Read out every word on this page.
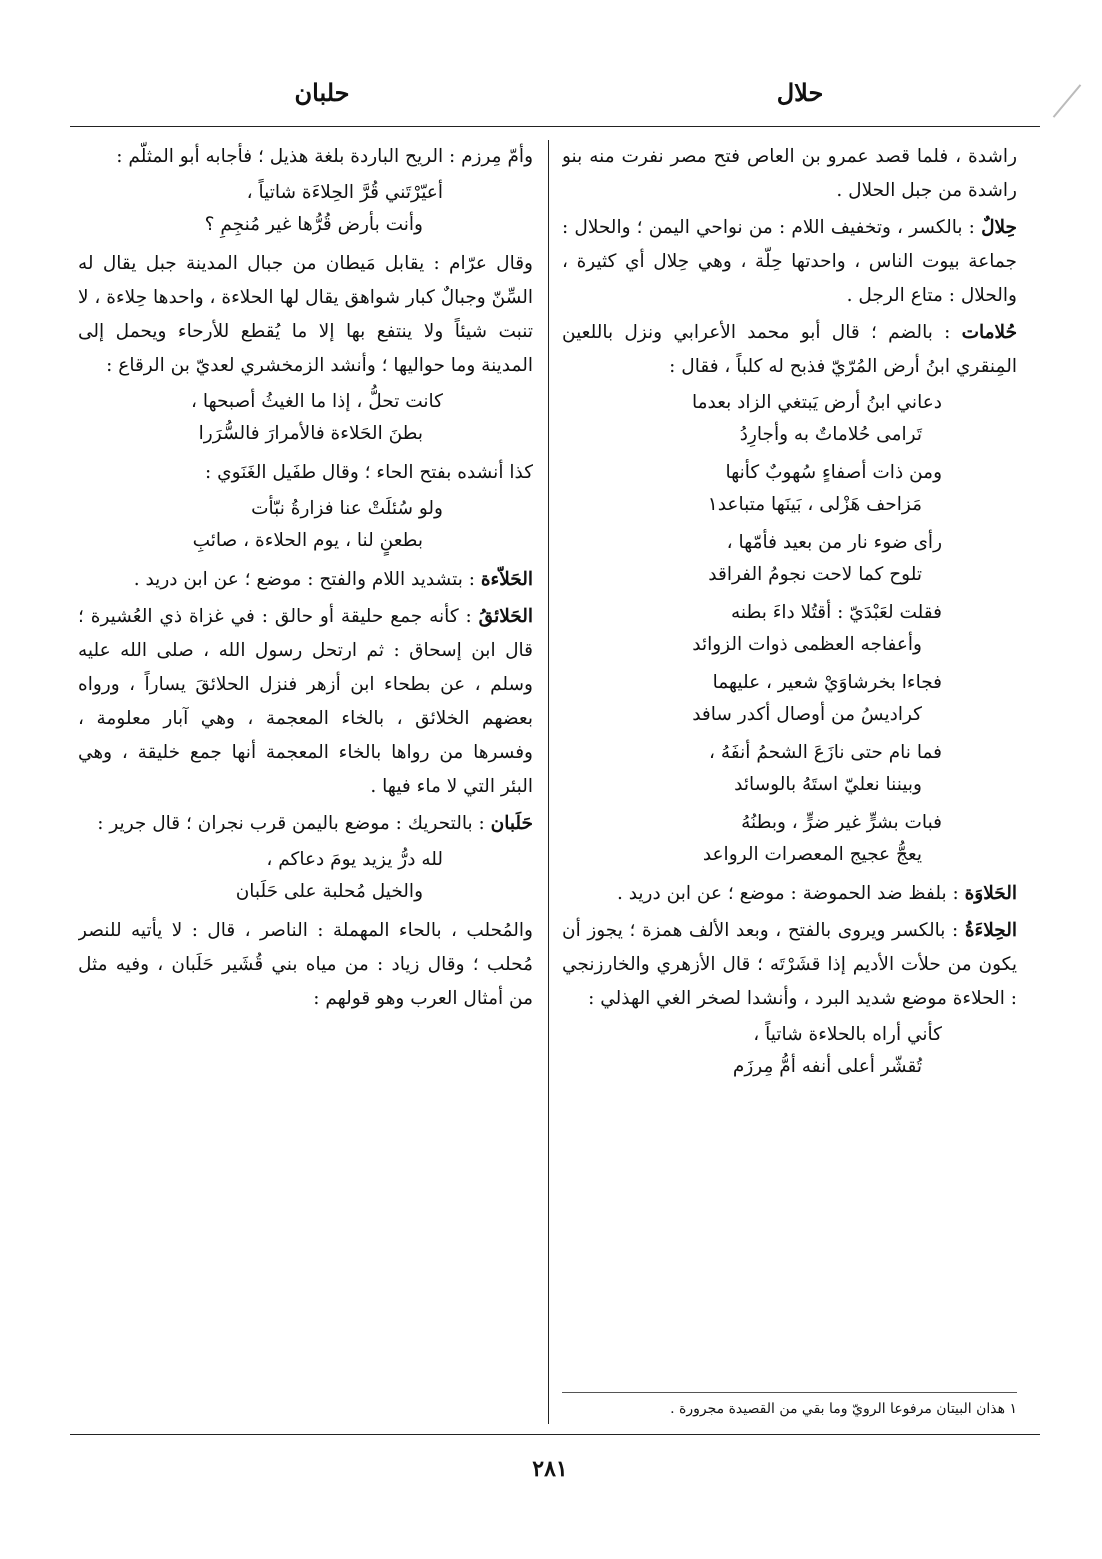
حلال
حلبان

راشدة ، فلما قصد عمرو بن العاص فتح مصر نفرت منه بنو راشدة من جبل الحلال .

حِلالٌ : بالكسر ، وتخفيف اللام : من نواحي اليمن ؛ والحلال : جماعة بيوت الناس ، واحدتها حِلّة ، وهي حِلال أي كثيرة ، والحلال : متاع الرجل .

حُلامات : بالضم ؛ قال أبو محمد الأعرابي ونزل باللعين المِنقري ابنُ أرض المُرّيّ فذبح له كلباً ، فقال :

دعاني ابنُ أرض يَبتغي الزاد بعدما
تَرامى حُلاماتٌ به وأجارِدُ
ومن ذات أصفاءٍ سُهوبٌ كأنها
مَزاحف هَزْلى ، بَينَها متباعد١
رأى ضوء نار من بعيد فأمّها ،
تلوح كما لاحت نجومُ الفراقد
فقلت لعَبْدَيّ : أقتُلا داءَ بطنه
وأعفاجه العظمى ذوات الزوائد
فجاءا بخرشاوَيْ شعير ، عليهما
كراديسُ من أوصال أكدر سافد
فما نام حتى نازَعَ الشحمُ أنفَهُ ،
وبيننا نعليّ استَهُ بالوسائد
فبات بشرٍّ غير ضرٍّ ، وبطنُهُ
يعجُّ عجيج المعصرات الرواعد

الحَلاوَة : بلفظ ضد الحموضة : موضع ؛ عن ابن دريد .

الحِلاءَةُ : بالكسر ويروى بالفتح ، وبعد الألف همزة ؛ يجوز أن يكون من حلأت الأديم إذا قشَرْتَه ؛ قال الأزهري والخارزنجي : الحلاءة موضع شديد البرد ، وأنشدا لصخر الغي الهذلي :

كأني أراه بالحلاءة شاتياً ،
تُقشّر أعلى أنفه أمُّ مِرزَم

وأمّ مِرزم : الريح الباردة بلغة هذيل ؛ فأجابه أبو المثلّم :

أعيّرْتَني قُرَّ الحِلاءَة شاتياً ،
وأنت بأرض قُرُّها غير مُنجِمِ ؟

وقال عرّام : يقابل مَيطان من جبال المدينة جبل يقال له السِّنّ وجبالٌ كبار شواهق يقال لها الحلاءة ، واحدها حِلاءة ، لا تنبت شيئاً ولا ينتفع بها إلا ما يُقطع للأرحاء ويحمل إلى المدينة وما حواليها ؛ وأنشد الزمخشري لعديّ بن الرقاع :

كانت تحلُّ ، إذا ما الغيثُ أصبحها ،
بطنَ الحَلاءة فالأمرارَ فالسُّرَرا

كذا أنشده بفتح الحاء ؛ وقال طفَيل الغَنَوي :

ولو سُئلَتْ عنا فزارةُ نبّأت
بطعنٍ لنا ، يوم الحلاءة ، صائبِ

الحَلاّءة : بتشديد اللام والفتح : موضع ؛ عن ابن دريد .

الحَلائقُ : كأنه جمع حليقة أو حالق : في غزاة ذي العُشيرة ؛ قال ابن إسحاق : ثم ارتحل رسول الله ، صلى الله عليه وسلم ، عن بطحاء ابن أزهر فنزل الحلائقَ يساراً ، ورواه بعضهم الخلائق ، بالخاء المعجمة ، وهي آبار معلومة ، وفسرها من رواها بالخاء المعجمة أنها جمع خليقة ، وهي البئر التي لا ماء فيها .

حَلَبان : بالتحريك : موضع باليمن قرب نجران ؛ قال جرير :

لله درُّ يزيد يومَ دعاكم ،
والخيل مُحلبة على حَلَبان

والمُحلب ، بالحاء المهملة : الناصر ، قال : لا يأتيه للنصر مُحلب ؛ وقال زياد : من مياه بني قُشَير حَلَبان ، وفيه مثل من أمثال العرب وهو قولهم :

١ هذان البيتان مرفوعا الرويّ وما بقي من القصيدة مجرورة .
٢٨١
